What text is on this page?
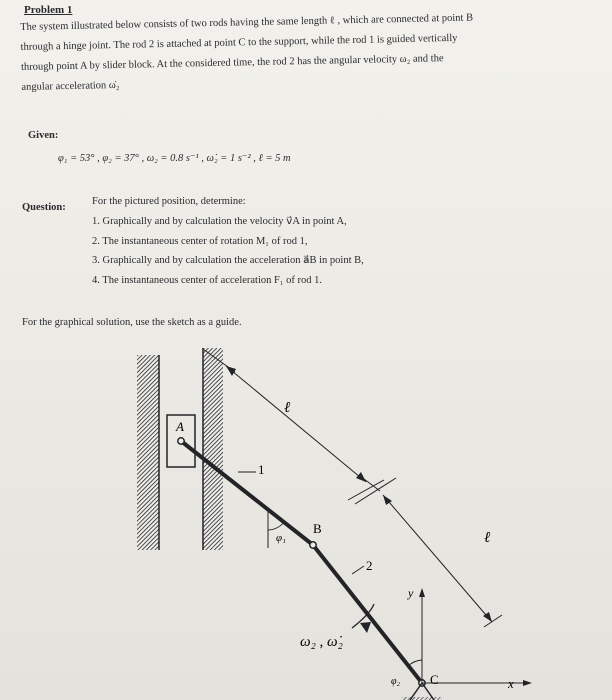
Problem 1

The system illustrated below consists of two rods having the same length ℓ , which are connected at point B

through a hinge joint. The rod 2 is attached at point C to the support, while the rod 1 is guided vertically

through point A by slider block. At the considered time, the rod 2 has the angular velocity ω₂ and the

angular acceleration ω̇₂

Given:
φ₁ = 53° , φ₂ = 37° , ω₂ = 0.8 s⁻¹ , ω̇₂ = 1 s⁻² , ℓ = 5 m
Question:
For the pictured position, determine:
1. Graphically and by calculation the velocity v⃗A in point A,
2. The instantaneous center of rotation M₁ of rod 1,
3. Graphically and by calculation the acceleration a⃗B in point B,
4. The instantaneous center of acceleration F₁ of rod 1.
For the graphical solution, use the sketch as a guide.
A
B
C
1
2
ℓ
ℓ
φ₁
φ₂
ω₂ , ω̇₂
x
y
